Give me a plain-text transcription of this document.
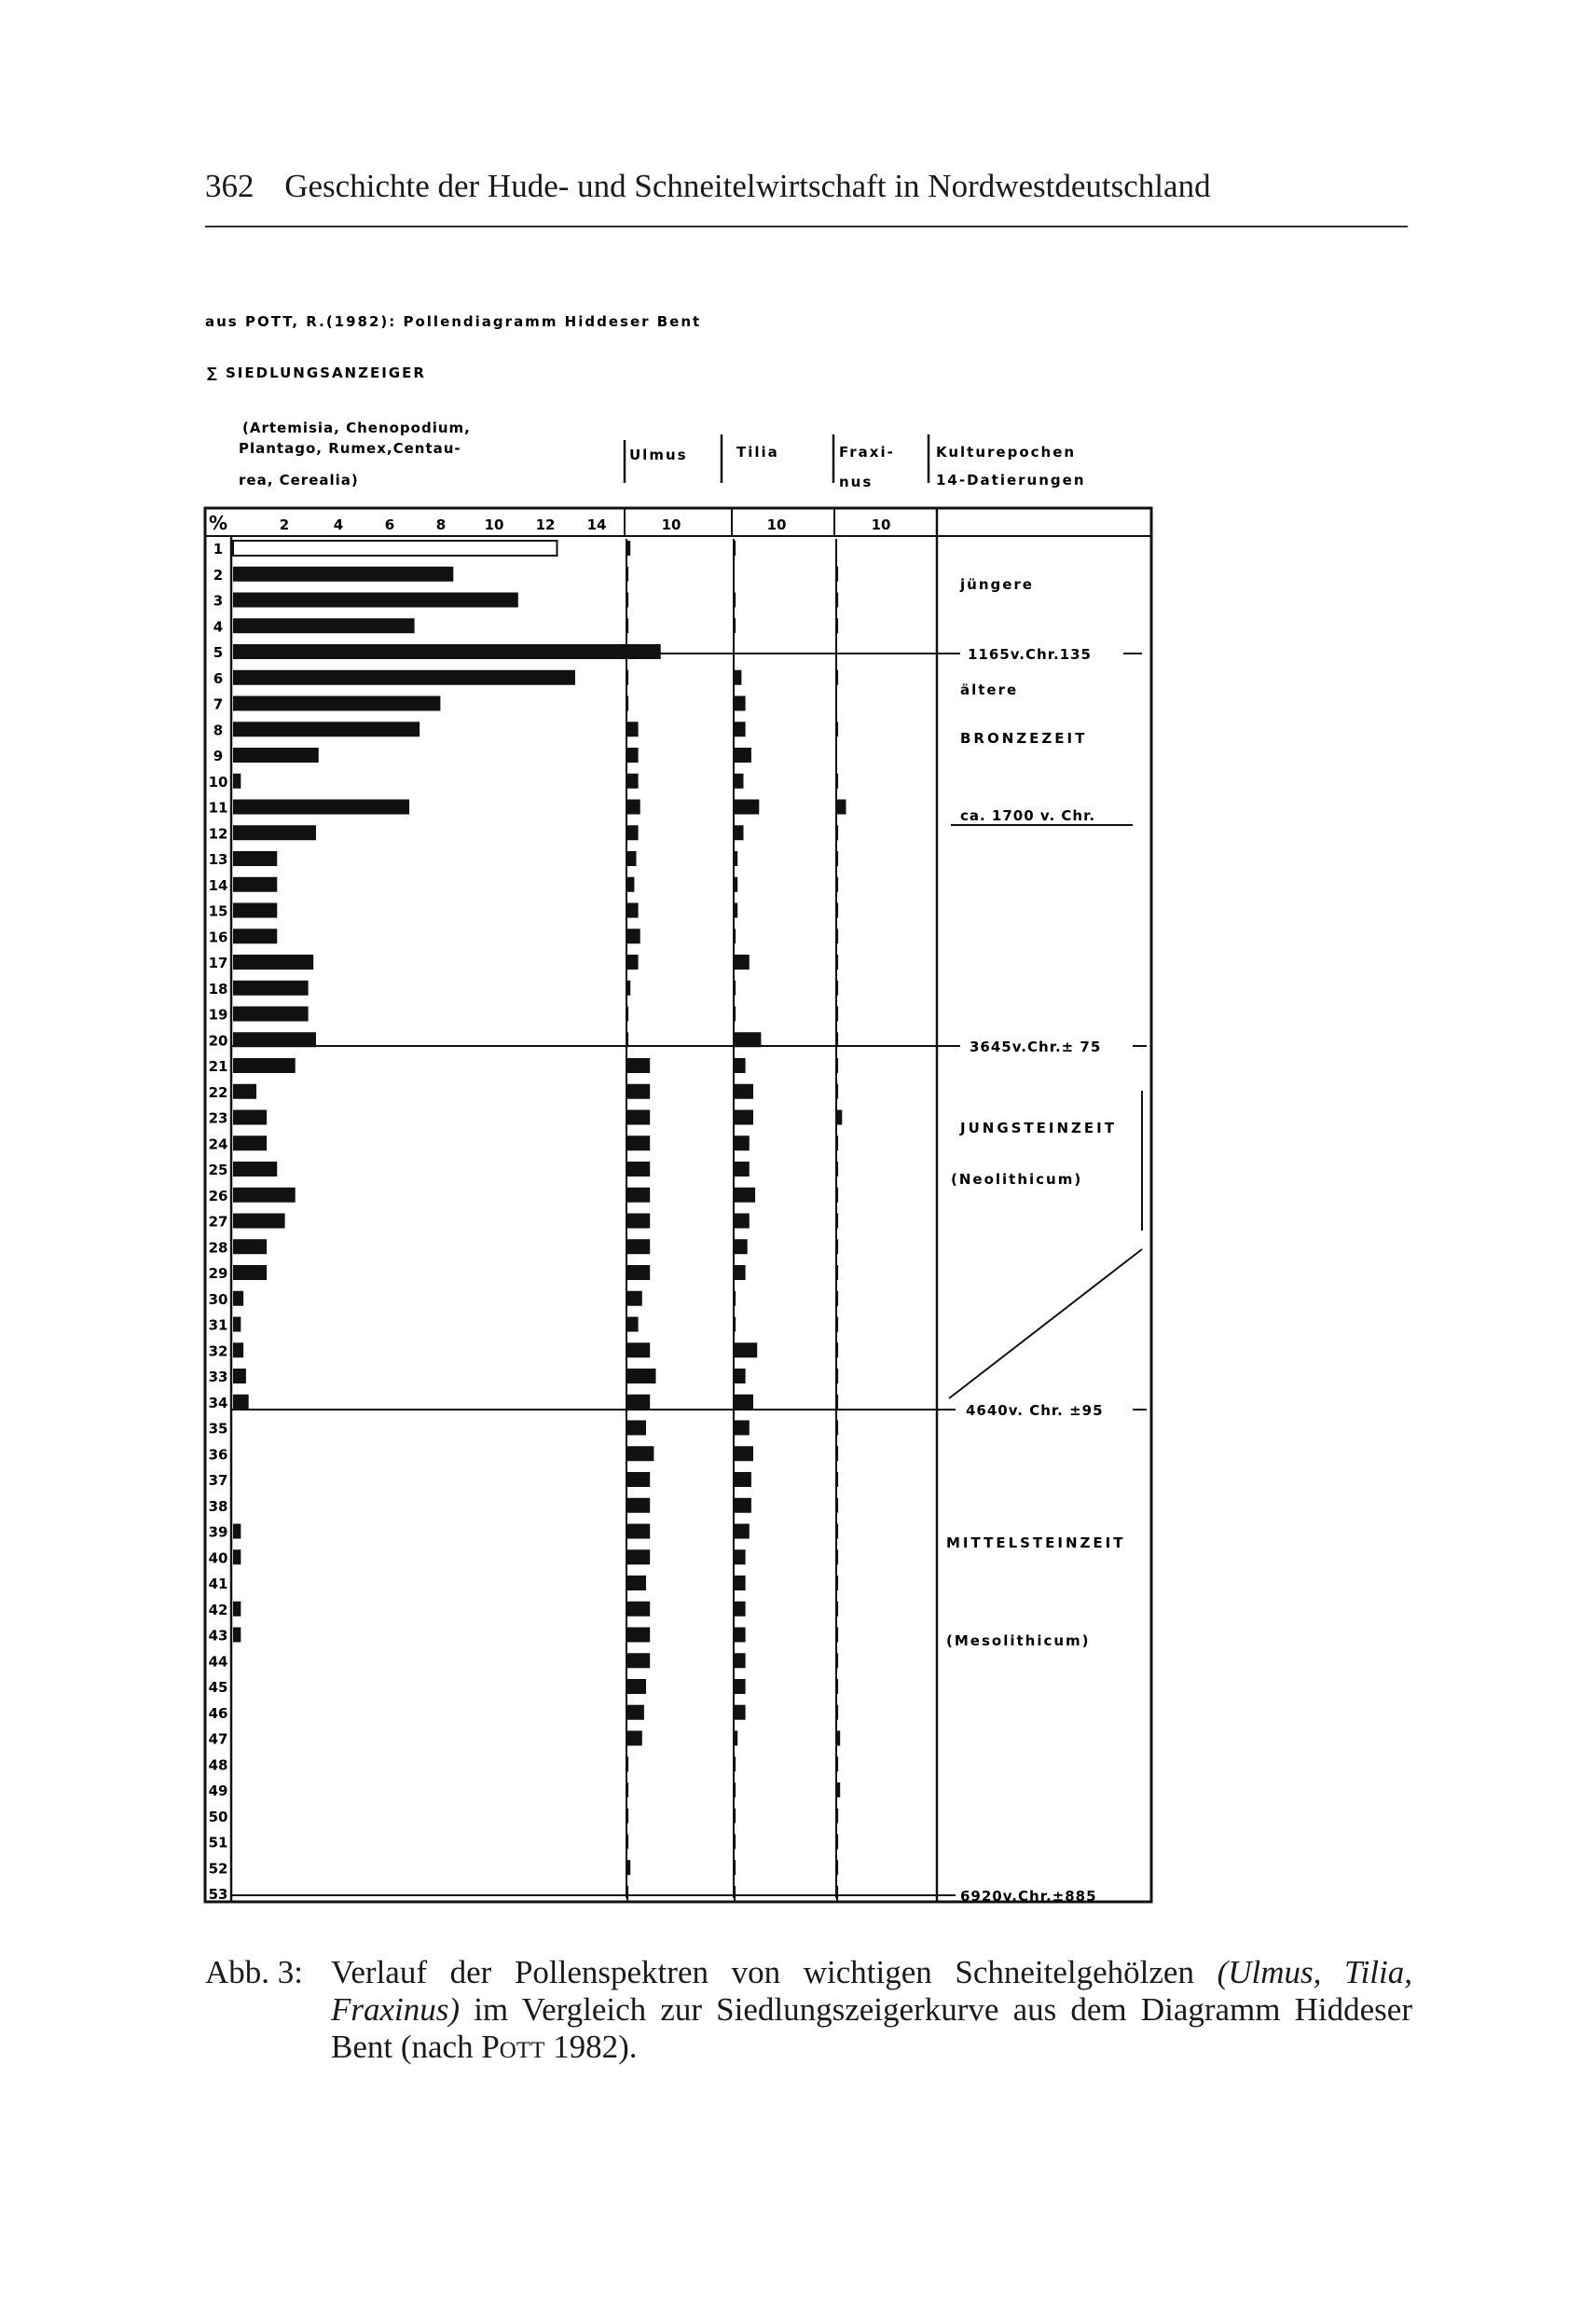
362 Geschichte der Hude- und Schneitelwirtschaft in Nordwestdeutschland
aus POTT, R.(1982): Pollendiagramm Hiddeser Bent
∑ SIEDLUNGSANZEIGER
(Artemisia, Chenopodium,
Plantago, Rumex,Centau-
rea, Cerealia)
Ulmus	Tilia	Fraxi-
nus
Kulturepochen
14-Datierungen
%	2	4	6	8	10 12 14	10	10	10
1
2
3
4
5
6
7
8
9
10
11
12
13
14
15
16
17
18
19
20
21
22
23
24
25
26
27
28
29
30
31
32
33
34
35
36
37
38
39
40
41
42
43
44
45
46
47
48
49
50
51
52
53
jüngere
1165v.Chr.135
ältere
BRONZEZEIT
ca. 1700 v. Chr.
3645v.Chr.± 75
JUNGSTEINZEIT
(Neolithicum)
4640v. Chr. ±95
MITTELSTEINZEIT
(Mesolithicum)
6920v.Chr.±885
Abb. 3: Verlauf der Pollenspektren von wichtigen Schneitelgehölzen (Ulmus, Tilia, Fraxinus) im Vergleich zur Siedlungszeigerkurve aus dem Diagramm Hiddeser Bent (nach Pott 1982).
